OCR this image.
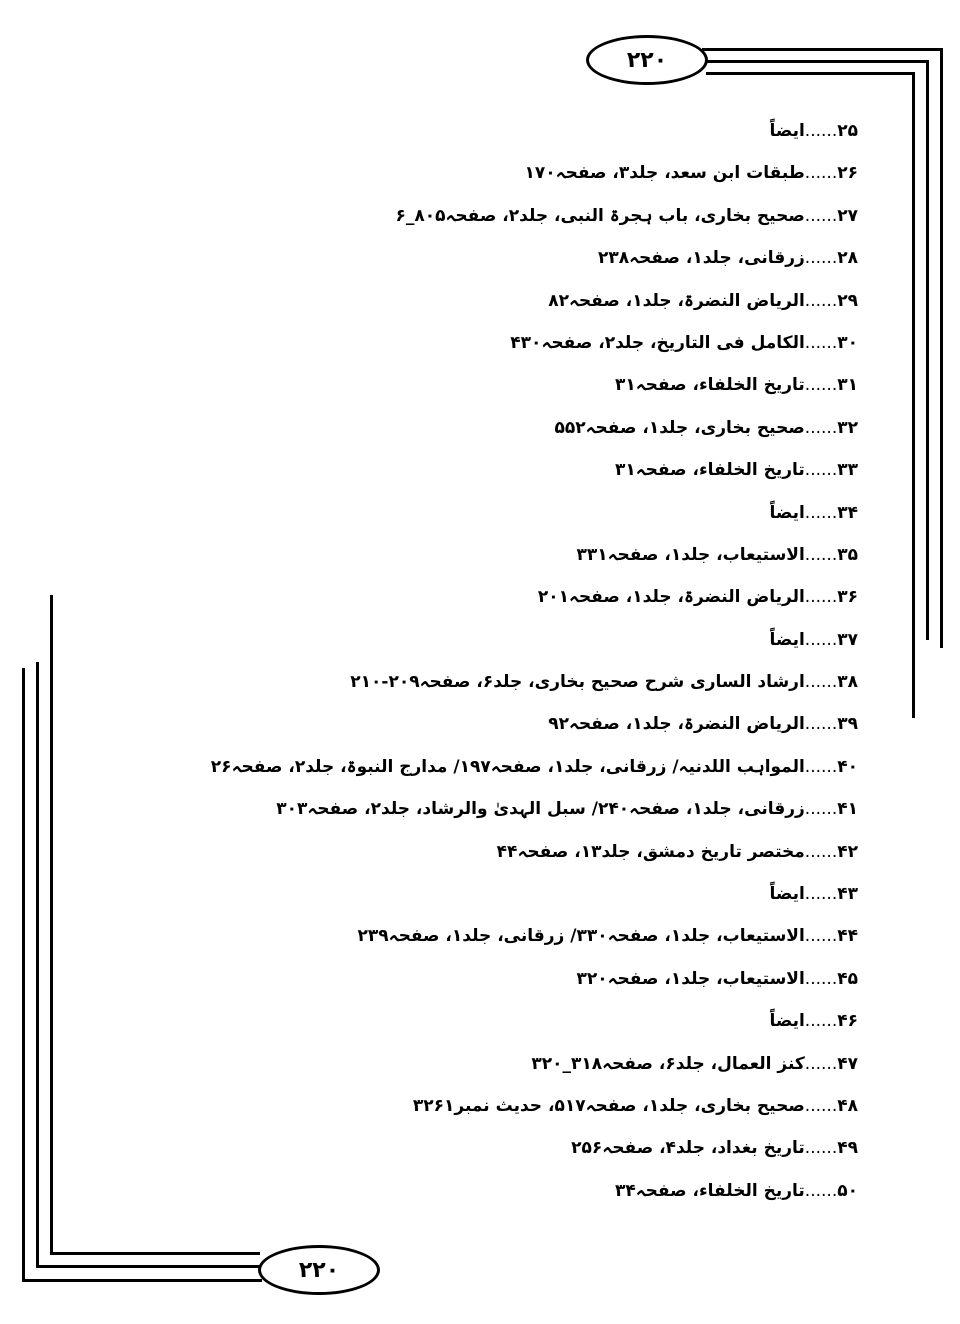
۲۲۰
۲۲۰
۲۵......ایضاً
۲۶......طبقات ابن سعد، جلد۳، صفحہ۱۷۰
۲۷......صحیح بخاری، باب ہجرۃ النبی، جلد۲، صفحہ۸۰۵_۶
۲۸......زرقانی، جلد۱، صفحہ۲۳۸
۲۹......الریاض النضرۃ، جلد۱، صفحہ۸۲
۳۰......الکامل فی التاریخ، جلد۲، صفحہ۴۳۰
۳۱......تاریخ الخلفاء، صفحہ۳۱
۳۲......صحیح بخاری، جلد۱، صفحہ۵۵۲
۳۳......تاریخ الخلفاء، صفحہ۳۱
۳۴......ایضاً
۳۵......الاستیعاب، جلد۱، صفحہ۳۳۱
۳۶......الریاض النضرۃ، جلد۱، صفحہ۲۰۱
۳۷......ایضاً
۳۸......ارشاد الساری شرح صحیح بخاری، جلد۶، صفحہ۲۰۹-۲۱۰
۳۹......الریاض النضرۃ، جلد۱، صفحہ۹۲
۴۰......المواہب اللدنیہ/ زرقانی، جلد۱، صفحہ۱۹۷/ مدارج النبوۃ، جلد۲، صفحہ۲۶
۴۱......زرقانی، جلد۱، صفحہ۲۴۰/ سبل الہدیٰ والرشاد، جلد۲، صفحہ۳۰۳
۴۲......مختصر تاریخ دمشق، جلد۱۳، صفحہ۴۴
۴۳......ایضاً
۴۴......الاستیعاب، جلد۱، صفحہ۳۳۰/ زرقانی، جلد۱، صفحہ۲۳۹
۴۵......الاستیعاب، جلد۱، صفحہ۳۲۰
۴۶......ایضاً
۴۷......کنز العمال، جلد۶، صفحہ۳۱۸_۳۲۰
۴۸......صحیح بخاری، جلد۱، صفحہ۵۱۷، حدیث نمبر۳۲۶۱
۴۹......تاریخ بغداد، جلد۴، صفحہ۲۵۶
۵۰......تاریخ الخلفاء، صفحہ۳۴
